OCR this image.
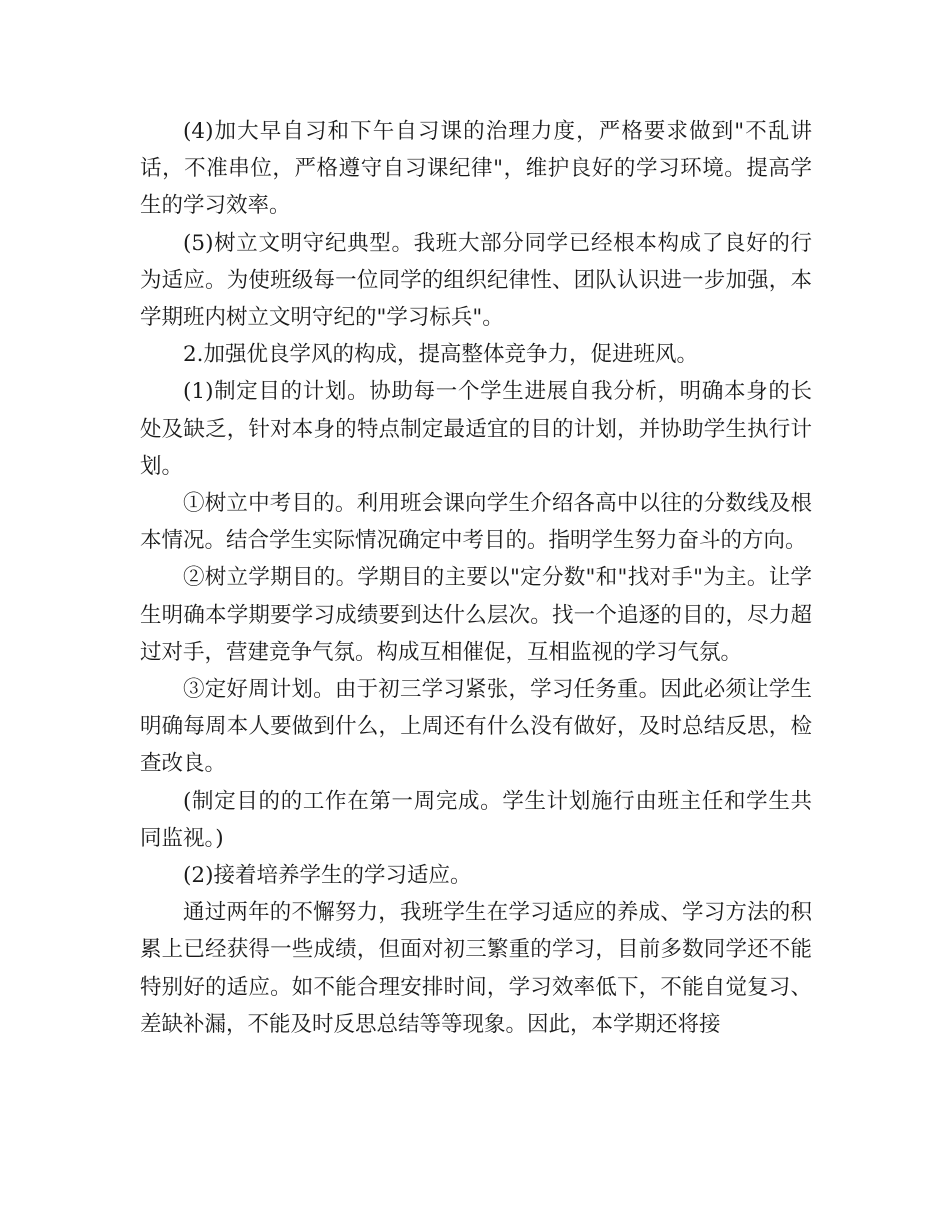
(4)加大早自习和下午自习课的治理力度，严格要求做到"不乱讲话，不准串位，严格遵守自习课纪律"，维护良好的学习环境。提高学生的学习效率。

(5)树立文明守纪典型。我班大部分同学已经根本构成了良好的行为适应。为使班级每一位同学的组织纪律性、团队认识进一步加强，本学期班内树立文明守纪的"学习标兵"。

2.加强优良学风的构成，提高整体竞争力，促进班风。

(1)制定目的计划。协助每一个学生进展自我分析，明确本身的长处及缺乏，针对本身的特点制定最适宜的目的计划，并协助学生执行计划。

①树立中考目的。利用班会课向学生介绍各高中以往的分数线及根本情况。结合学生实际情况确定中考目的。指明学生努力奋斗的方向。

②树立学期目的。学期目的主要以"定分数"和"找对手"为主。让学生明确本学期要学习成绩要到达什么层次。找一个追逐的目的，尽力超过对手，营建竞争气氛。构成互相催促，互相监视的学习气氛。

③定好周计划。由于初三学习紧张，学习任务重。因此必须让学生明确每周本人要做到什么，上周还有什么没有做好，及时总结反思，检查改良。

(制定目的的工作在第一周完成。学生计划施行由班主任和学生共同监视。)

(2)接着培养学生的学习适应。

通过两年的不懈努力，我班学生在学习适应的养成、学习方法的积累上已经获得一些成绩，但面对初三繁重的学习，目前多数同学还不能特别好的适应。如不能合理安排时间，学习效率低下，不能自觉复习、差缺补漏，不能及时反思总结等等现象。因此，本学期还将接
